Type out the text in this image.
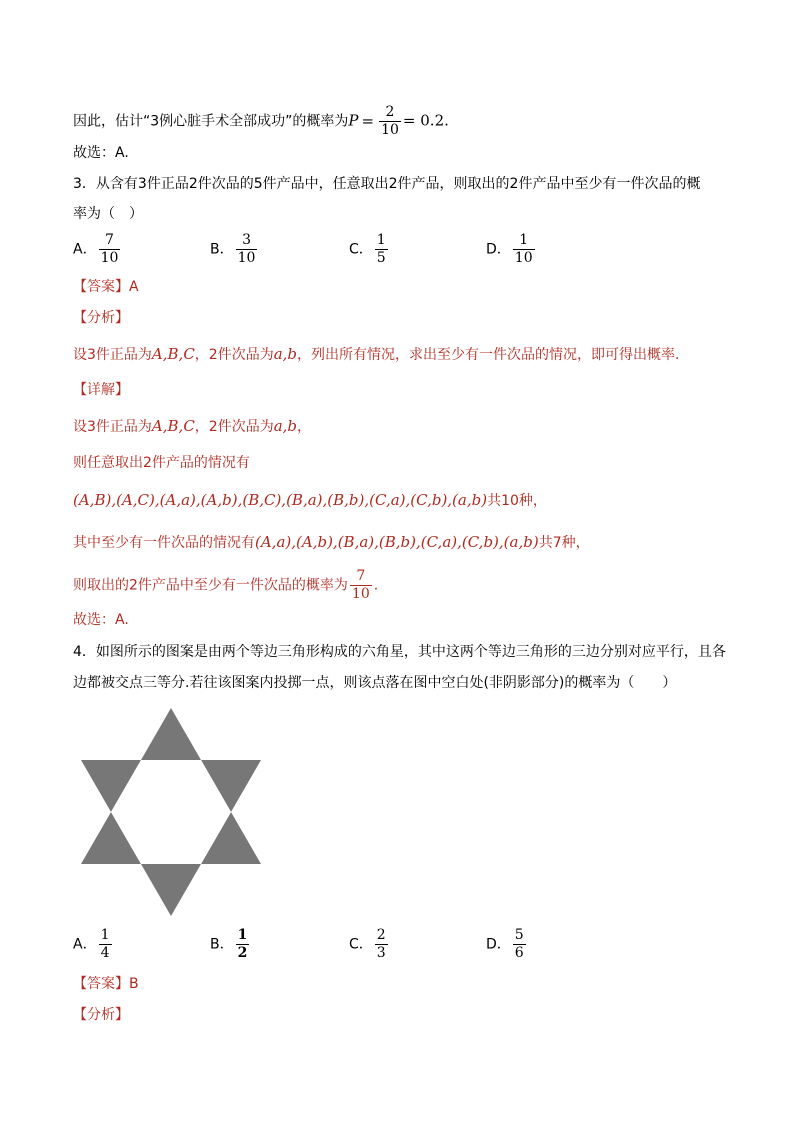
因此，估计“3例心脏手术全部成功”的概率为$P = \frac{2}{10} = 0.2$.
故选：A.
3．从含有3件正品2件次品的5件产品中，任意取出2件产品，则取出的2件产品中至少有一件次品的概
率为（　）
A． $\frac{7}{10}$	B． $\frac{3}{10}$	C． $\frac{1}{5}$	D． $\frac{1}{10}$
【答案】A
【分析】
设3件正品为A,B,C，2件次品为a,b，列出所有情况，求出至少有一件次品的情况，即可得出概率.
【详解】
设3件正品为A,B,C，2件次品为a,b，
则任意取出2件产品的情况有
(A,B),(A,C),(A,a),(A,b),(B,C),(B,a),(B,b),(C,a),(C,b),(a,b)共10种，
其中至少有一件次品的情况有(A,a),(A,b),(B,a),(B,b),(C,a),(C,b),(a,b)共7种，
则取出的2件产品中至少有一件次品的概率为 $\frac{7}{10}$ .
故选：A.
4．如图所示的图案是由两个等边三角形构成的六角星，其中这两个等边三角形的三边分别对应平行，且各
边都被交点三等分.若往该图案内投掷一点，则该点落在图中空白处(非阴影部分)的概率为（　　）
A． $\frac{1}{4}$	B． $\frac{1}{2}$	C． $\frac{2}{3}$	D． $\frac{5}{6}$
【答案】B
【分析】
